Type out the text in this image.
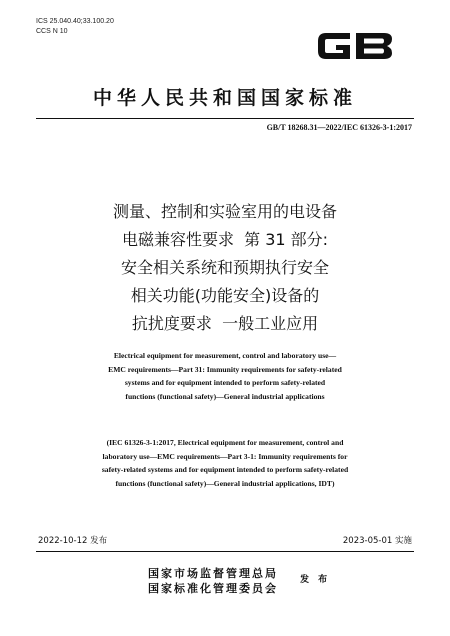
ICS 25.040.40;33.100.20
CCS N 10
中华人民共和国国家标准
GB/T 18268.31—2022/IEC 61326-3-1:2017
测量、控制和实验室用的电设备
电磁兼容性要求  第 31 部分:
安全相关系统和预期执行安全
相关功能(功能安全)设备的
抗扰度要求  一般工业应用
Electrical equipment for measurement, control and laboratory use—
EMC requirements—Part 31: Immunity requirements for safety-related
systems and for equipment intended to perform safety-related
functions (functional safety)—General industrial applications
(IEC 61326-3-1:2017, Electrical equipment for measurement, control and
laboratory use—EMC requirements—Part 3-1: Immunity requirements for
safety-related systems and for equipment intended to perform safety-related
functions (functional safety)—General industrial applications, IDT)
2022-10-12 发布	2023-05-01 实施
国家市场监督管理总局
国家标准化管理委员会
发 布
